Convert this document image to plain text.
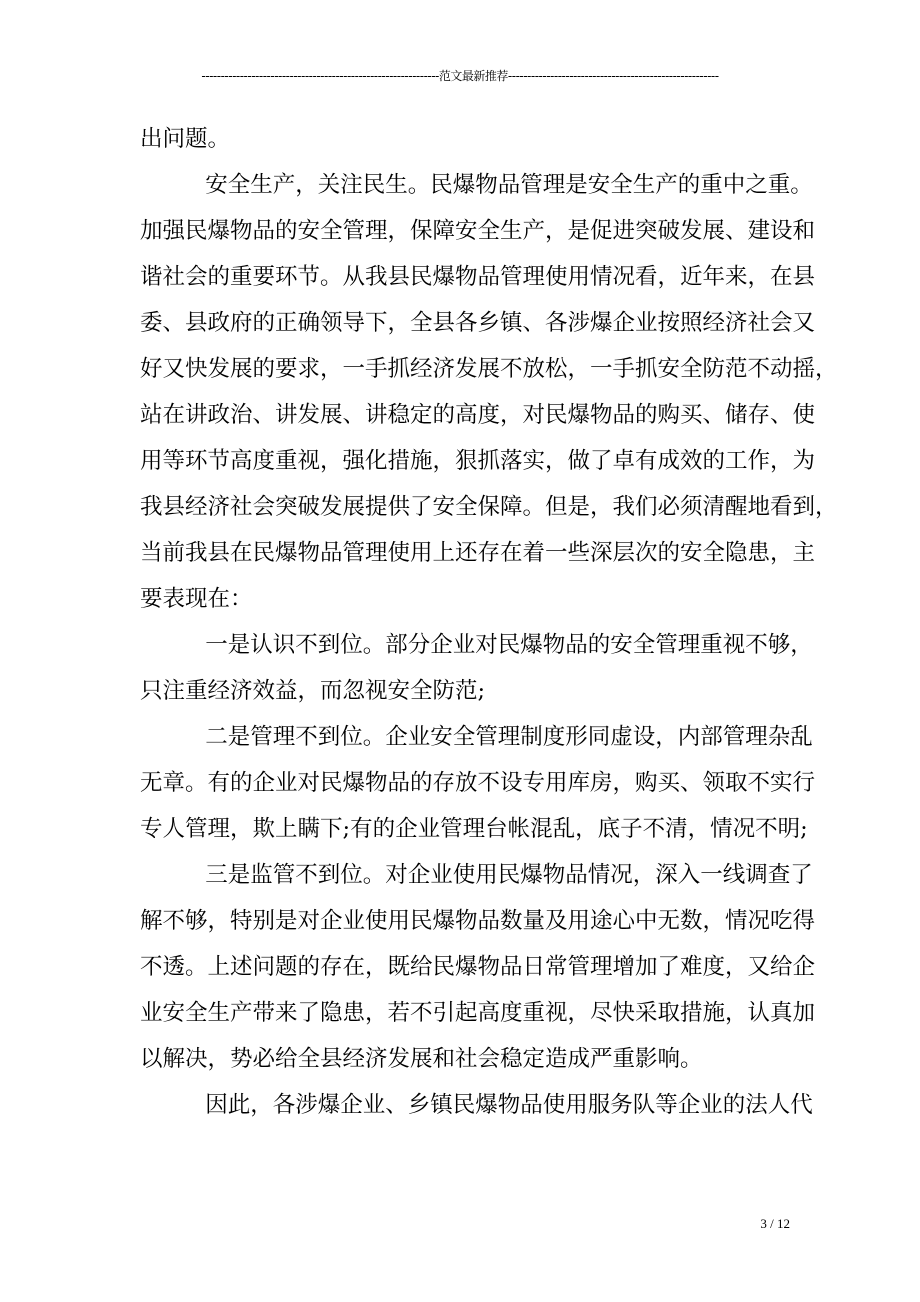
--------------------------------------------------------------范文最新推荐-------------------------------------------------------

出问题。

安全生产，关注民生。民爆物品管理是安全生产的重中之重。
加强民爆物品的安全管理，保障安全生产，是促进突破发展、建设和
谐社会的重要环节。从我县民爆物品管理使用情况看，近年来，在县
委、县政府的正确领导下，全县各乡镇、各涉爆企业按照经济社会又
好又快发展的要求，一手抓经济发展不放松，一手抓安全防范不动摇，
站在讲政治、讲发展、讲稳定的高度，对民爆物品的购买、储存、使
用等环节高度重视，强化措施，狠抓落实，做了卓有成效的工作，为
我县经济社会突破发展提供了安全保障。但是，我们必须清醒地看到，
当前我县在民爆物品管理使用上还存在着一些深层次的安全隐患，主
要表现在：

一是认识不到位。部分企业对民爆物品的安全管理重视不够，
只注重经济效益，而忽视安全防范;

二是管理不到位。企业安全管理制度形同虚设，内部管理杂乱
无章。有的企业对民爆物品的存放不设专用库房，购买、领取不实行
专人管理，欺上瞒下;有的企业管理台帐混乱，底子不清，情况不明;

三是监管不到位。对企业使用民爆物品情况，深入一线调查了
解不够，特别是对企业使用民爆物品数量及用途心中无数，情况吃得
不透。上述问题的存在，既给民爆物品日常管理增加了难度，又给企
业安全生产带来了隐患，若不引起高度重视，尽快采取措施，认真加
以解决，势必给全县经济发展和社会稳定造成严重影响。

因此，各涉爆企业、乡镇民爆物品使用服务队等企业的法人代

3 / 12
